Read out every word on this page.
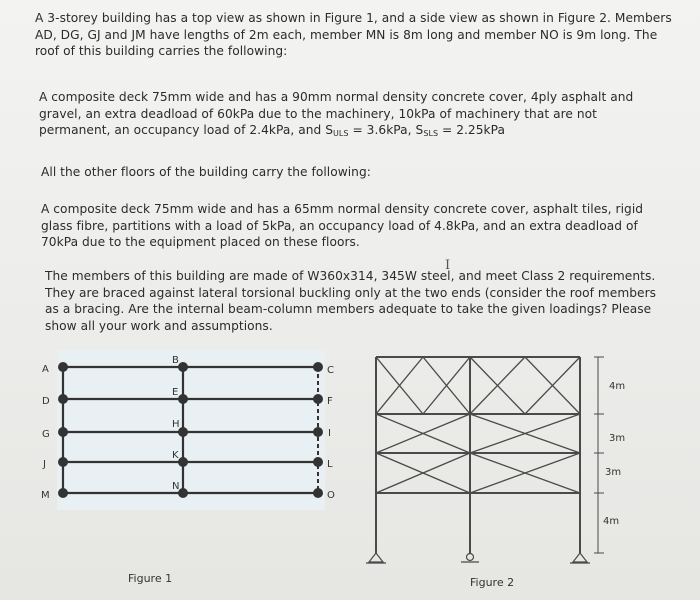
A 3-storey building has a top view as shown in Figure 1, and a side view as shown in Figure 2. Members AD, DG, GJ and JM have lengths of 2m each, member MN is 8m long and member NO is 9m long. The roof of this building carries the following:

A composite deck 75mm wide and has a 90mm normal density concrete cover, 4ply asphalt and gravel, an extra deadload of 60kPa due to the machinery, 10kPa of machinery that are not permanent, an occupancy load of 2.4kPa, and $S_{ULS} = 3.6kPa$, $S_{SLS} = 2.25kPa$

All the other floors of the building carry the following:

A composite deck 75mm wide and has a 65mm normal density concrete cover, asphalt tiles, rigid glass fibre, partitions with a load of 5kPa, an occupancy load of 4.8kPa, and an extra deadload of 70kPa due to the equipment placed on these floors.

I

The members of this building are made of W360x314, 345W steel, and meet Class 2 requirements. They are braced against lateral torsional buckling only at the two ends (consider the roof members as a bracing. Are the internal beam-column members adequate to take the given loadings? Please show all your work and assumptions.

A
D
G
J
M
B
E
H
K
N
C
F
I
L
O
Figure 1
4m
3m
3m
4m
Figure 2
